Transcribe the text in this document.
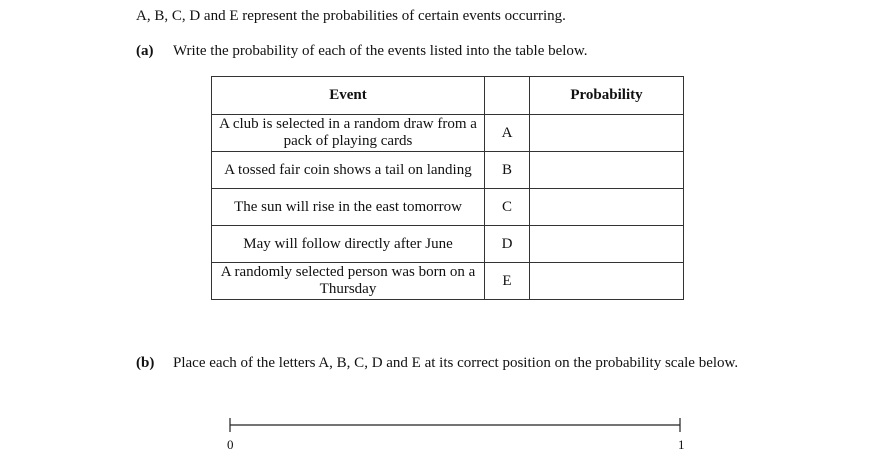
A, B, C, D and E represent the probabilities of certain events occurring.
(a) Write the probability of each of the events listed into the table below.
Event		Probability
A club is selected in a random draw from a pack of playing cards	A	
A tossed fair coin shows a tail on landing	B	
The sun will rise in the east tomorrow	C	
May will follow directly after June	D	
A randomly selected person was born on a Thursday	E	
(b) Place each of the letters A, B, C, D and E at its correct position on the probability scale below.
0	1
